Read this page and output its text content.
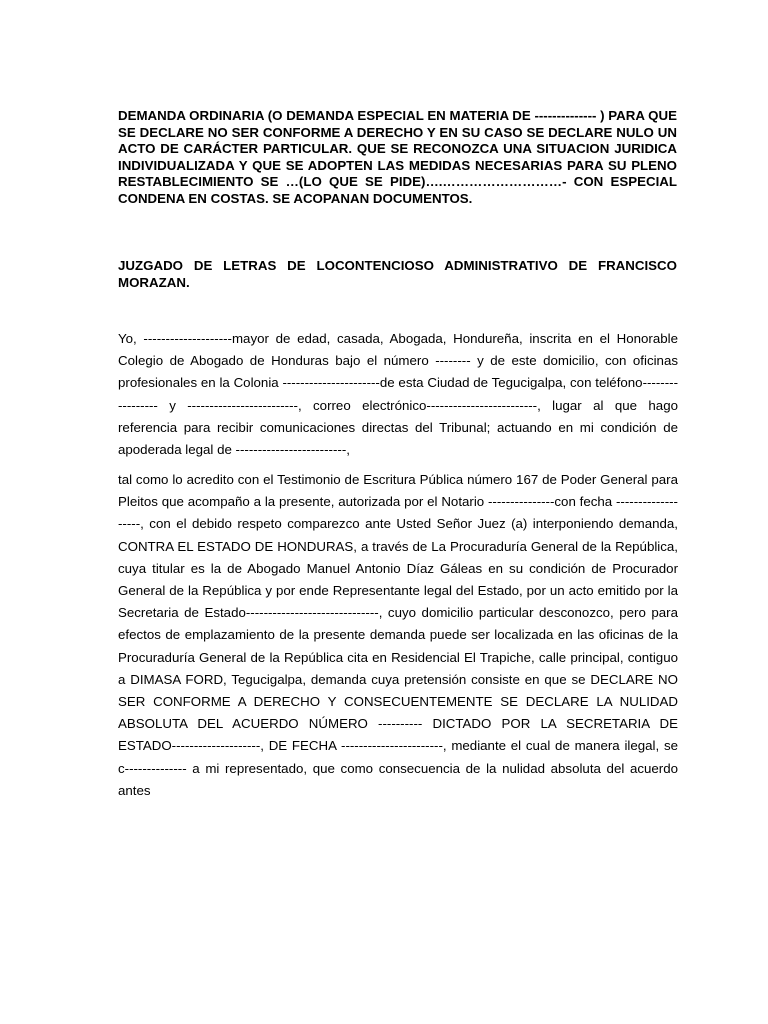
DEMANDA ORDINARIA (O DEMANDA ESPECIAL EN MATERIA DE -------------- ) PARA QUE SE DECLARE NO SER CONFORME A DERECHO Y EN SU CASO SE DECLARE NULO UN ACTO DE CARÁCTER PARTICULAR. QUE SE RECONOZCA UNA SITUACION JURIDICA INDIVIDUALIZADA Y QUE SE ADOPTEN LAS MEDIDAS NECESARIAS PARA SU PLENO RESTABLECIMIENTO SE …(LO QUE SE PIDE)….………………………- CON ESPECIAL CONDENA EN COSTAS. SE ACOPANAN DOCUMENTOS.

JUZGADO DE LETRAS DE LOCONTENCIOSO ADMINISTRATIVO DE FRANCISCO MORAZAN.

Yo, --------------------mayor de edad, casada, Abogada, Hondureña, inscrita en el Honorable Colegio de Abogado de Honduras bajo el número -------- y de este domicilio, con oficinas profesionales en la Colonia ----------------------de esta Ciudad de Tegucigalpa, con teléfono----------------- y -------------------------, correo electrónico-------------------------, lugar al que hago referencia para recibir comunicaciones directas del Tribunal; actuando en mi condición de apoderada legal de -------------------------,

tal como lo acredito con el Testimonio de Escritura Pública número 167 de Poder General para Pleitos que acompaño a la presente, autorizada por el Notario ---------------con fecha -------------------, con el debido respeto comparezco ante Usted Señor Juez (a) interponiendo demanda, CONTRA EL ESTADO DE HONDURAS, a través de La Procuraduría General de la República, cuya titular es la de Abogado Manuel Antonio Díaz Gáleas en su condición de Procurador General de la República y por ende Representante legal del Estado, por un acto emitido por la Secretaria de Estado------------------------------, cuyo domicilio particular desconozco, pero para efectos de emplazamiento de la presente demanda puede ser localizada en las oficinas de la Procuraduría General de la República cita en Residencial El Trapiche, calle principal, contiguo a DIMASA FORD, Tegucigalpa, demanda cuya pretensión consiste en que se DECLARE NO SER CONFORME A DERECHO Y CONSECUENTEMENTE SE DECLARE LA NULIDAD ABSOLUTA DEL ACUERDO NÚMERO ---------- DICTADO POR LA SECRETARIA DE ESTADO--------------------, DE FECHA -----------------------, mediante el cual de manera ilegal, se c-------------- a mi representado, que como consecuencia de la nulidad absoluta del acuerdo antes
